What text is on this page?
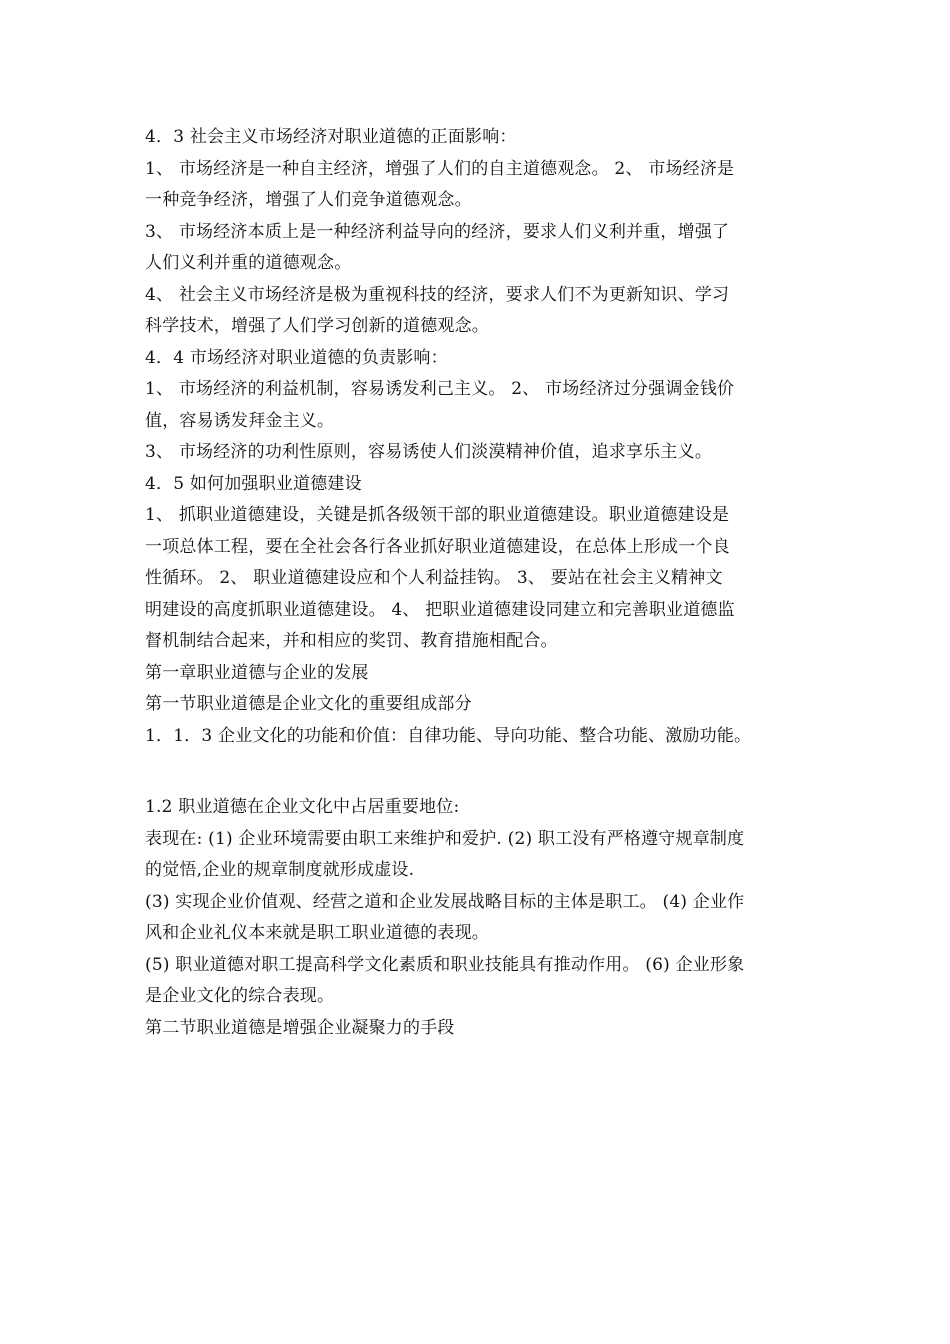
4．3 社会主义市场经济对职业道德的正面影响：
1、 市场经济是一种自主经济，增强了人们的自主道德观念。 2、 市场经济是
一种竞争经济，增强了人们竞争道德观念。
3、 市场经济本质上是一种经济利益导向的经济，要求人们义利并重，增强了
人们义利并重的道德观念。
4、 社会主义市场经济是极为重视科技的经济，要求人们不为更新知识、学习
科学技术，增强了人们学习创新的道德观念。
4．4 市场经济对职业道德的负责影响：
1、 市场经济的利益机制，容易诱发利己主义。 2、 市场经济过分强调金钱价
值，容易诱发拜金主义。
3、 市场经济的功利性原则，容易诱使人们淡漠精神价值，追求享乐主义。
4．5 如何加强职业道德建设
1、 抓职业道德建设，关键是抓各级领干部的职业道德建设。职业道德建设是
一项总体工程，要在全社会各行各业抓好职业道德建设，在总体上形成一个良
性循环。 2、 职业道德建设应和个人利益挂钩。 3、 要站在社会主义精神文
明建设的高度抓职业道德建设。 4、 把职业道德建设同建立和完善职业道德监
督机制结合起来，并和相应的奖罚、教育措施相配合。
第一章职业道德与企业的发展
第一节职业道德是企业文化的重要组成部分
1．1．3 企业文化的功能和价值：自律功能、导向功能、整合功能、激励功能。
1.2 职业道德在企业文化中占居重要地位:
表现在: (1) 企业环境需要由职工来维护和爱护. (2) 职工没有严格遵守规章制度
的觉悟,企业的规章制度就形成虚设.
(3) 实现企业价值观、经营之道和企业发展战略目标的主体是职工。 (4) 企业作
风和企业礼仪本来就是职工职业道德的表现。
(5) 职业道德对职工提高科学文化素质和职业技能具有推动作用。 (6) 企业形象
是企业文化的综合表现。
第二节职业道德是增强企业凝聚力的手段
